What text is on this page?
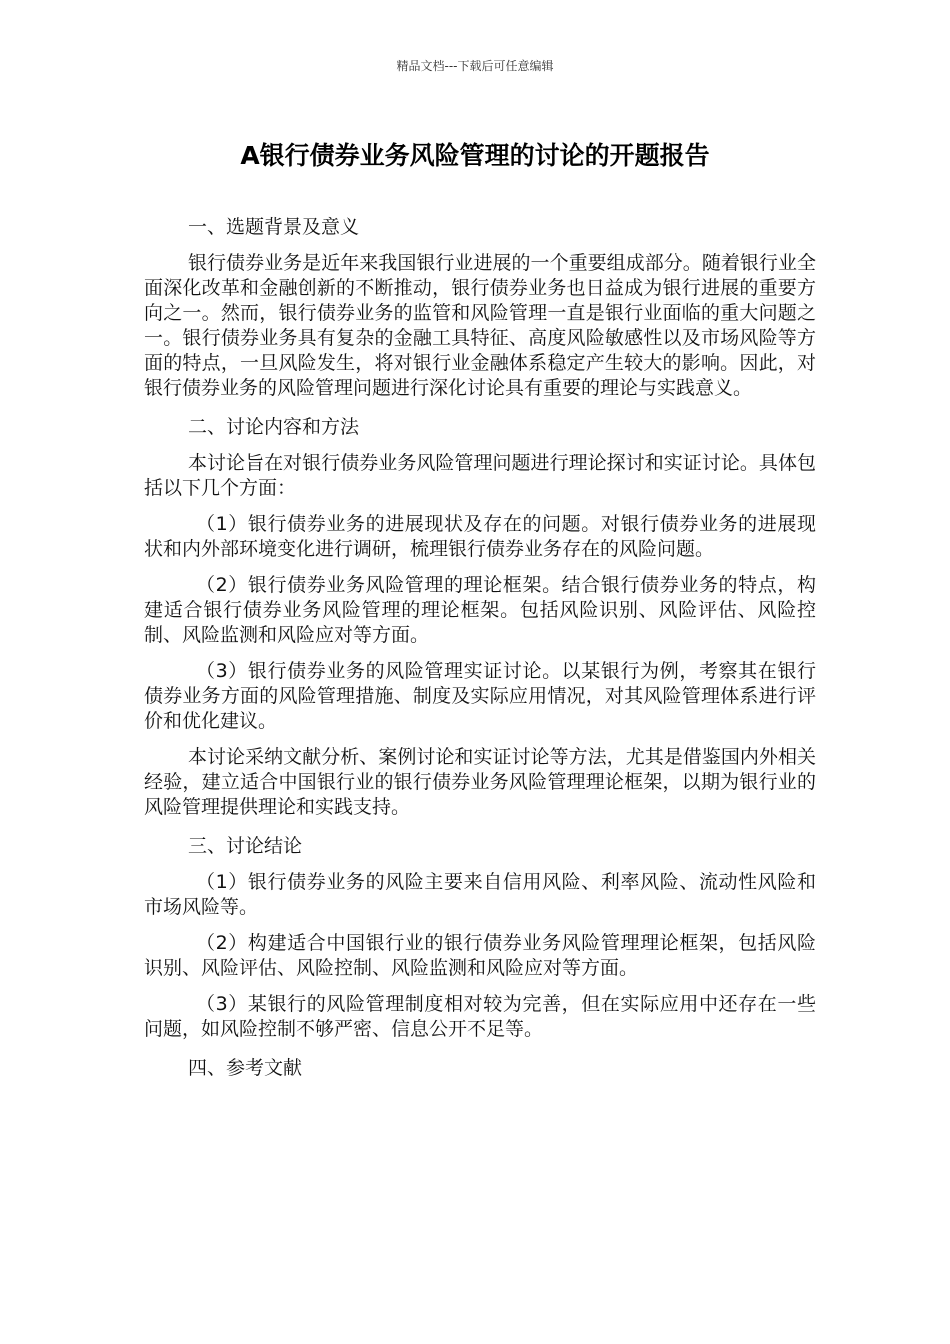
精品文档---下载后可任意编辑
A银行债券业务风险管理的讨论的开题报告
一、选题背景及意义
银行债券业务是近年来我国银行业进展的一个重要组成部分。随着银行业全面深化改革和金融创新的不断推动，银行债券业务也日益成为银行进展的重要方向之一。然而，银行债券业务的监管和风险管理一直是银行业面临的重大问题之一。银行债券业务具有复杂的金融工具特征、高度风险敏感性以及市场风险等方面的特点，一旦风险发生，将对银行业金融体系稳定产生较大的影响。因此，对银行债券业务的风险管理问题进行深化讨论具有重要的理论与实践意义。
二、讨论内容和方法
本讨论旨在对银行债券业务风险管理问题进行理论探讨和实证讨论。具体包括以下几个方面：
（1）银行债券业务的进展现状及存在的问题。对银行债券业务的进展现状和内外部环境变化进行调研，梳理银行债券业务存在的风险问题。
（2）银行债券业务风险管理的理论框架。结合银行债券业务的特点，构建适合银行债券业务风险管理的理论框架。包括风险识别、风险评估、风险控制、风险监测和风险应对等方面。
（3）银行债券业务的风险管理实证讨论。以某银行为例，考察其在银行债券业务方面的风险管理措施、制度及实际应用情况，对其风险管理体系进行评价和优化建议。
本讨论采纳文献分析、案例讨论和实证讨论等方法，尤其是借鉴国内外相关经验，建立适合中国银行业的银行债券业务风险管理理论框架，以期为银行业的风险管理提供理论和实践支持。
三、讨论结论
（1）银行债券业务的风险主要来自信用风险、利率风险、流动性风险和市场风险等。
（2）构建适合中国银行业的银行债券业务风险管理理论框架，包括风险识别、风险评估、风险控制、风险监测和风险应对等方面。
（3）某银行的风险管理制度相对较为完善，但在实际应用中还存在一些问题，如风险控制不够严密、信息公开不足等。
四、参考文献
